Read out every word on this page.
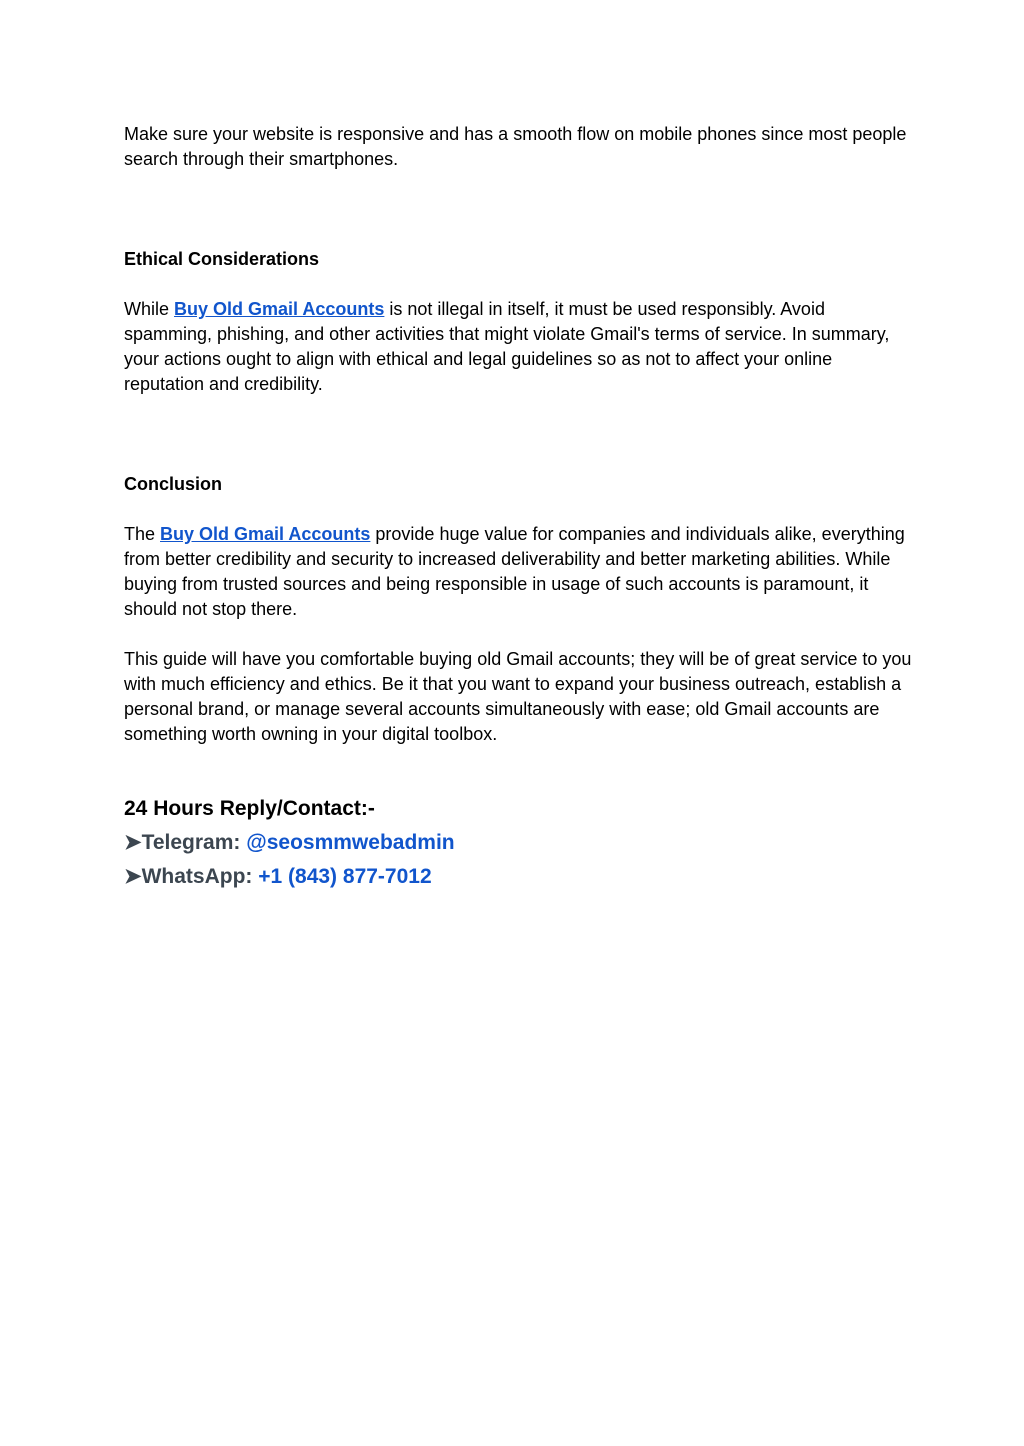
Make sure your website is responsive and has a smooth flow on mobile phones since most people search through their smartphones.

Ethical Considerations

While Buy Old Gmail Accounts is not illegal in itself, it must be used responsibly. Avoid spamming, phishing, and other activities that might violate Gmail's terms of service. In summary, your actions ought to align with ethical and legal guidelines so as not to affect your online reputation and credibility.

Conclusion

The Buy Old Gmail Accounts provide huge value for companies and individuals alike, everything from better credibility and security to increased deliverability and better marketing abilities. While buying from trusted sources and being responsible in usage of such accounts is paramount, it should not stop there.

This guide will have you comfortable buying old Gmail accounts; they will be of great service to you with much efficiency and ethics. Be it that you want to expand your business outreach, establish a personal brand, or manage several accounts simultaneously with ease; old Gmail accounts are something worth owning in your digital toolbox.

24 Hours Reply/Contact:-

➤Telegram: @seosmmwebadmin

➤WhatsApp: +1 (843) 877-7012
